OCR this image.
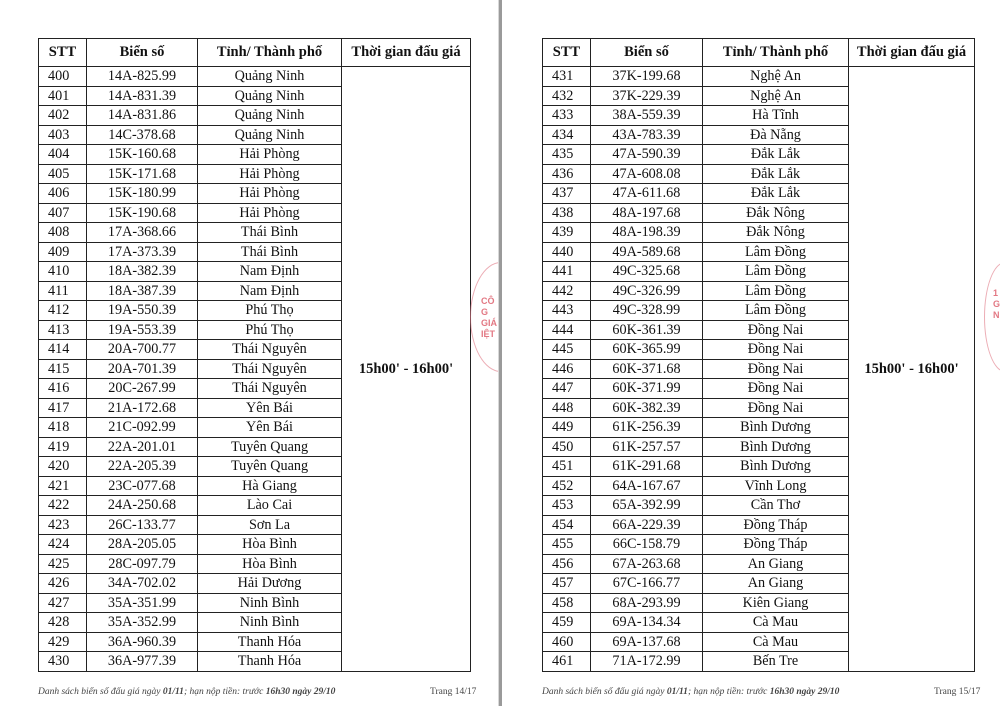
STT	Biển số	Tỉnh/ Thành phố	Thời gian đấu giá
400	14A-825.99	Quảng Ninh	15h00' - 16h00'
401	14A-831.39	Quảng Ninh	
402	14A-831.86	Quảng Ninh	
403	14C-378.68	Quảng Ninh	
404	15K-160.68	Hải Phòng	
405	15K-171.68	Hải Phòng	
406	15K-180.99	Hải Phòng	
407	15K-190.68	Hải Phòng	
408	17A-368.66	Thái Bình	
409	17A-373.39	Thái Bình	
410	18A-382.39	Nam Định	
411	18A-387.39	Nam Định	
412	19A-550.39	Phú Thọ	
413	19A-553.39	Phú Thọ	
414	20A-700.77	Thái Nguyên	
415	20A-701.39	Thái Nguyên	
416	20C-267.99	Thái Nguyên	
417	21A-172.68	Yên Bái	
418	21C-092.99	Yên Bái	
419	22A-201.01	Tuyên Quang	
420	22A-205.39	Tuyên Quang	
421	23C-077.68	Hà Giang	
422	24A-250.68	Lào Cai	
423	26C-133.77	Sơn La	
424	28A-205.05	Hòa Bình	
425	28C-097.79	Hòa Bình	
426	34A-702.02	Hải Dương	
427	35A-351.99	Ninh Bình	
428	35A-352.99	Ninh Bình	
429	36A-960.39	Thanh Hóa	
430	36A-977.39	Thanh Hóa	
Danh sách biển số đấu giá ngày 01/11; hạn nộp tiền: trước 16h30 ngày 29/10	Trang 14/17
CÔ
G GIÁ
IỆT
STT	Biển số	Tỉnh/ Thành phố	Thời gian đấu giá
431	37K-199.68	Nghệ An	15h00' - 16h00'
432	37K-229.39	Nghệ An	
433	38A-559.39	Hà Tĩnh	
434	43A-783.39	Đà Nẵng	
435	47A-590.39	Đắk Lắk	
436	47A-608.08	Đắk Lắk	
437	47A-611.68	Đắk Lắk	
438	48A-197.68	Đắk Nông	
439	48A-198.39	Đắk Nông	
440	49A-589.68	Lâm Đồng	
441	49C-325.68	Lâm Đồng	
442	49C-326.99	Lâm Đồng	
443	49C-328.99	Lâm Đồng	
444	60K-361.39	Đồng Nai	
445	60K-365.99	Đồng Nai	
446	60K-371.68	Đồng Nai	
447	60K-371.99	Đồng Nai	
448	60K-382.39	Đồng Nai	
449	61K-256.39	Bình Dương	
450	61K-257.57	Bình Dương	
451	61K-291.68	Bình Dương	
452	64A-167.67	Vĩnh Long	
453	65A-392.99	Cần Thơ	
454	66A-229.39	Đồng Tháp	
455	66C-158.79	Đồng Tháp	
456	67A-263.68	An Giang	
457	67C-166.77	An Giang	
458	68A-293.99	Kiên Giang	
459	69A-134.34	Cà Mau	
460	69A-137.68	Cà Mau	
461	71A-172.99	Bến Tre	
Danh sách biển số đấu giá ngày 01/11; hạn nộp tiền: trước 16h30 ngày 29/10	Trang 15/17
1
G
N
